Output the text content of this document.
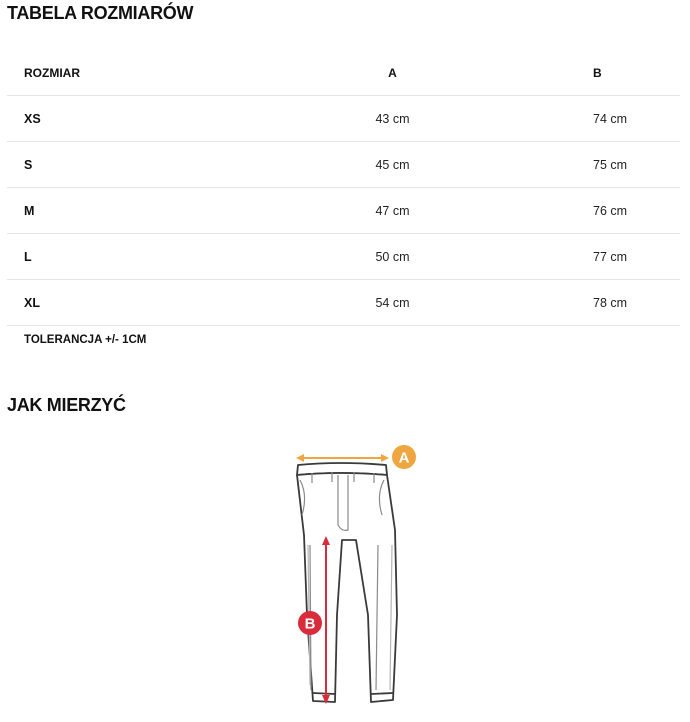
TABELA ROZMIARÓW
ROZMIAR	A	B
XS	43 cm	74 cm
S	45 cm	75 cm
M	47 cm	76 cm
L	50 cm	77 cm
XL	54 cm	78 cm
TOLERANCJA +/- 1CM
JAK MIERZYĆ
A
B
